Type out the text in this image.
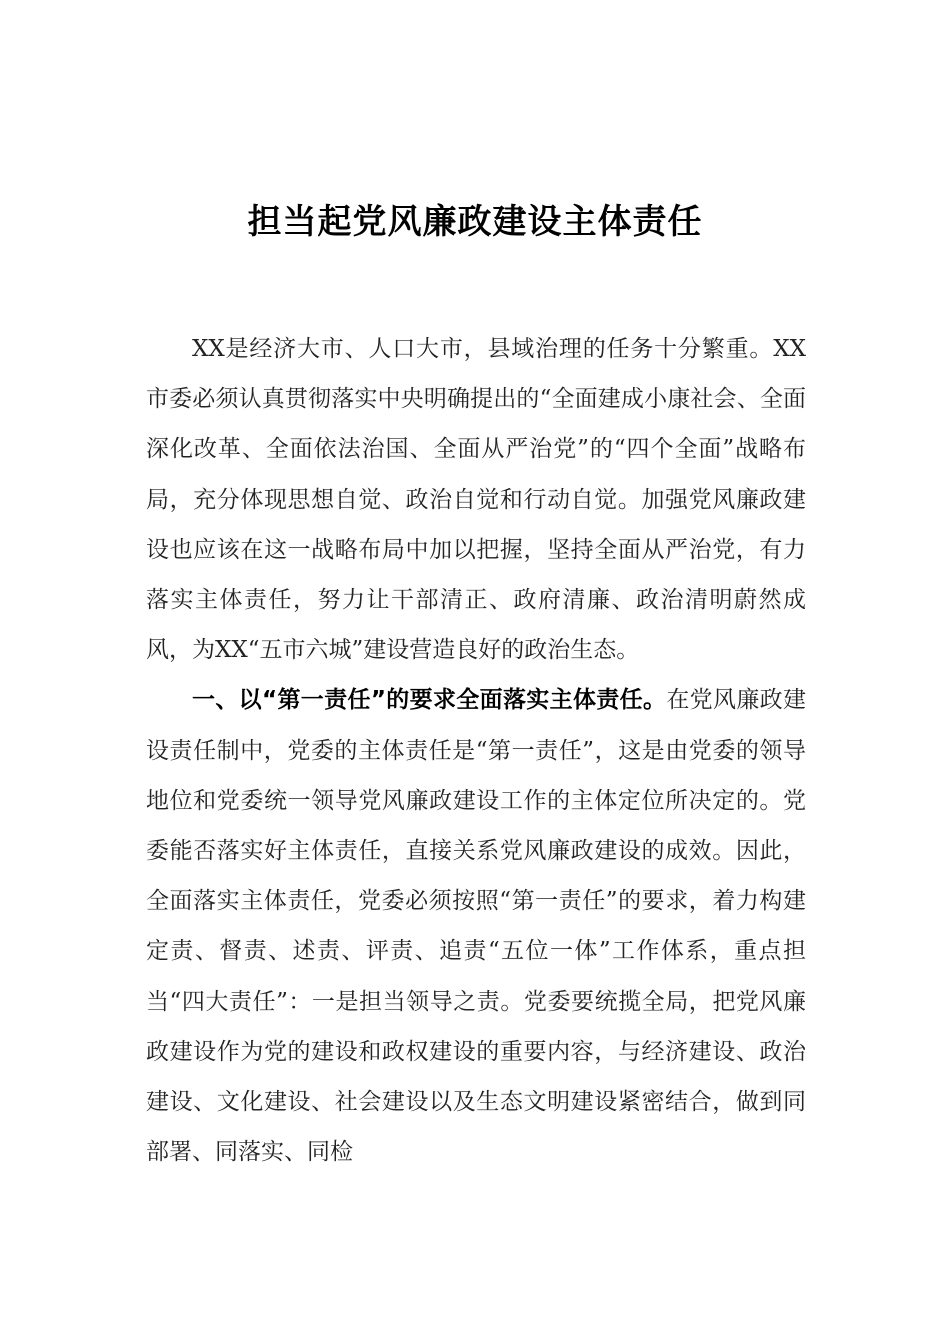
担当起党风廉政建设主体责任

XX是经济大市、人口大市，县域治理的任务十分繁重。XX市委必须认真贯彻落实中央明确提出的“全面建成小康社会、全面深化改革、全面依法治国、全面从严治党”的“四个全面”战略布局，充分体现思想自觉、政治自觉和行动自觉。加强党风廉政建设也应该在这一战略布局中加以把握，坚持全面从严治党，有力落实主体责任，努力让干部清正、政府清廉、政治清明蔚然成风，为XX“五市六城”建设营造良好的政治生态。

一、以“第一责任”的要求全面落实主体责任。在党风廉政建设责任制中，党委的主体责任是“第一责任”，这是由党委的领导地位和党委统一领导党风廉政建设工作的主体定位所决定的。党委能否落实好主体责任，直接关系党风廉政建设的成效。因此，全面落实主体责任，党委必须按照“第一责任”的要求，着力构建定责、督责、述责、评责、追责“五位一体”工作体系，重点担当“四大责任”：一是担当领导之责。党委要统揽全局，把党风廉政建设作为党的建设和政权建设的重要内容，与经济建设、政治建设、文化建设、社会建设以及生态文明建设紧密结合，做到同部署、同落实、同检
